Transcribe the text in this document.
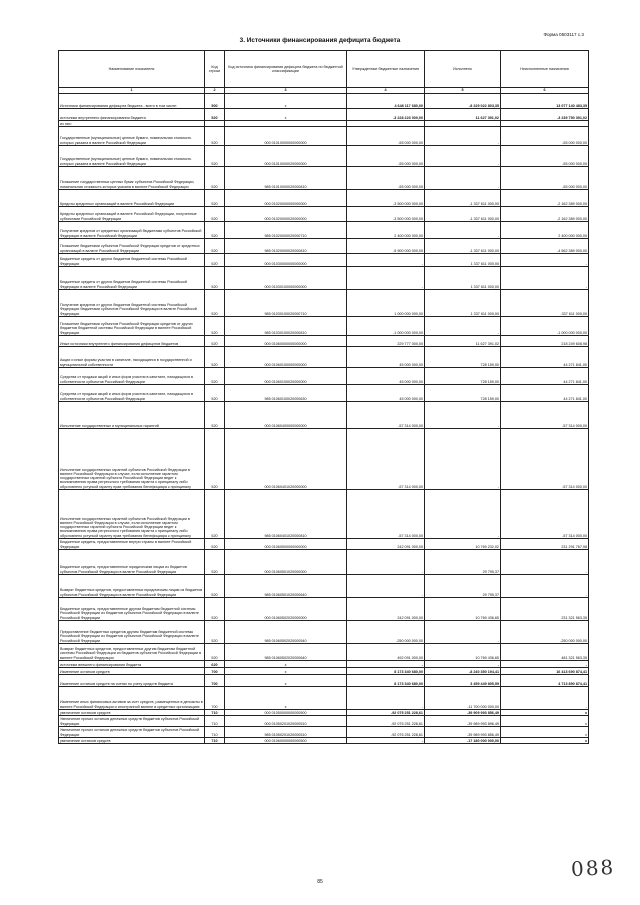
Форма 0503117 с.3
3. Источники финансирования дефицита бюджета
Наименование показателя	Код строки	Код источника финансирования дефицита бюджета по бюджетной классификации	Утвержденные бюджетные назначения	Исполнено	Неисполненные назначения
1	2	3	4	5	6
Источники финансирования дефицита бюджета - всего в том числе:	500	x	4 648 117 680,00	-8 229 022 803,35	13 077 140 483,35
источники внутреннего финансирования бюджета	520	x	-3 228 223 000,00	11 627 391,02	-3 239 750 391,02
из них:					
Государственные (муниципальные) ценные бумаги, номинальная стоимость которых указана в валюте Российской Федерации	520	000 01010000000000000	-55 000 000,00	-	-55 000 000,00
Государственные (муниципальные) ценные бумаги, номинальная стоимость которых указана в валюте Российской Федерации	520	000 01010000020000000	-55 000 000,00	-	-55 000 000,00
Погашение государственных ценных бумаг субъектов Российской Федерации, номинальная стоимость которых указана в валюте Российской Федерации	520	985 01010000020000810	-55 000 000,00	-	-55 000 000,00
Кредиты кредитных организаций в валюте Российской Федерации	520	000 01020000000000000	-3 500 000 000,00	-1 337 611 000,00	-2 162 389 000,00
Кредиты кредитных организаций в валюте Российской Федерации, полученные субъектами Российской Федерации	520	000 01020000020000000	-3 500 000 000,00	-1 337 611 000,00	-2 162 389 000,00
Получение кредитов от кредитных организаций бюджетами субъектов Российской Федерации в валюте Российской Федерации	520	985 01020000020000710	2 400 000 000,00	-	2 400 000 000,00
Погашение бюджетами субъектов Российской Федерации кредитов от кредитных организаций в валюте Российской Федерации	520	985 01020000020000810	-5 900 000 000,00	-1 337 611 000,00	-4 562 389 000,00
Бюджетные кредиты от других бюджетов бюджетной системы Российской Федерации	520	000 01030000000000000	-	1 337 611 000,00	-
Бюджетные кредиты от других бюджетов бюджетной системы Российской Федерации в валюте Российской Федерации	520	000 01030100000000000	-	1 337 611 000,00	-
Получение кредитов от других бюджетов бюджетной системы Российской Федерации бюджетами субъектов Российской Федерации в валюте Российской Федерации	520	985 01030100020000710	1 000 000 000,00	1 337 611 000,00	-337 611 000,00
Погашение бюджетами субъектов Российской Федерации кредитов от других бюджетов бюджетной системы Российской Федерации в валюте Российской Федерации	520	985 01030100020000810	-1 000 000 000,00	-	-1 000 000 000,00
Иные источники внутреннего финансирования дефицитов бюджетов	520	000 01060000000000000	229 777 000,00	11 627 391,02	218 249 608,98
Акции и иные формы участия в капитале, находящиеся в государственной и муниципальной собственности	520	000 01060100000000000	45 000 000,00	728 159,00	44 271 841,00
Средства от продажи акций и иных форм участия в капитале, находящихся в собственности субъектов Российской Федерации	520	000 01060100020000000	45 000 000,00	728 159,00	44 271 841,00
Средства от продажи акций и иных форм участия в капитале, находящихся в собственности субъектов Российской Федерации	520	985 01060100020000630	45 000 000,00	728 159,00	44 271 841,00
Исполнение государственных и муниципальных гарантий	520	000 01060400000000000	-57 314 000,00	-	-57 314 000,00
Исполнение государственных гарантий субъектов Российской Федерации в валюте Российской Федерации в случае, если исполнение гарантом государственных гарантий субъекта Российской Федерации ведет к возникновению права регрессного требования гаранта к принципалу либо обусловлено уступкой гаранту прав требования бенефициара к принципалу	520	000 01060401020000000	-57 314 000,00	-	-57 314 000,00
Исполнение государственных гарантий субъектов Российской Федерации в валюте Российской Федерации в случае, если исполнение гарантом государственных гарантий субъекта Российской Федерации ведет к возникновению права регрессного требования гаранта к принципалу либо обусловлено уступкой гаранту прав требования бенефициара к принципалу	520	985 01060401020000810	-57 314 000,00	-	-57 314 000,00
Бюджетные кредиты, предоставленные внутри страны в валюте Российской Федерации	520	000 01060500000000000	242 091 000,00	10 769 232,02	231 291 767,98
Бюджетные кредиты, предоставленные юридическим лицам из бюджетов субъектов Российской Федерации в валюте Российской Федерации	520	000 01060501020000000	-	29 795,37	-
Возврат бюджетных кредитов, предоставленных юридическим лицам из бюджетов субъектов Российской Федерации в валюте Российской Федерации	520	985 01060501020000640	-	29 795,37	-
Бюджетные кредиты, предоставленные другим бюджетам бюджетной системы Российской Федерации из бюджетов субъектов Российской Федерации в валюте Российской Федерации	520	000 01060502020000000	242 091 000,00	10 769 436,65	231 321 563,35
Предоставление бюджетных кредитов другим бюджетам бюджетной системы Российской Федерации из бюджетов субъектов Российской Федерации в валюте Российской Федерации	520	985 01060502020000540	-250 000 000,00	-	-250 000 000,00
Возврат бюджетных кредитов, предоставленных другим бюджетам бюджетной системы Российской Федерации из бюджетов субъектов Российской Федерации в валюте Российской Федерации	520	985 01060502020000640	492 091 000,00	10 769 436,65	481 321 563,35
источники внешнего финансирования бюджета	620	x	-	-	-
Изменение остатков средств	700	x	8 173 340 680,00	-8 240 350 194,41	16 413 690 874,41
Изменение остатков средств на счетах по учету средств бюджета	700	x	8 173 340 680,00	3 459 449 805,59	4 713 890 874,41
Изменение иных финансовых активов за счет средств, размещенных в депозиты в валюте Российской Федерации и иностранной валюте в кредитных организациях	700	x	-	-11 700 000 000,00	-
увеличение остатков средств	710	000 01050000000000500	-92 075 251 228,61	-39 909 993 856,49	x
Увеличение прочих остатков денежных средств бюджетов субъектов Российской Федерации	710	000 01050201020000510	-92 075 251 228,61	-39 989 993 896,49	x
Увеличение прочих остатков денежных средств бюджетов субъектов Российской Федерации	710	985 01050201020000510	-92 075 251 228,61	-39 989 993 856,49	x
увеличение остатков средств	710	000 01060000000000500	-	-17 180 000 000,00	x
088
85
